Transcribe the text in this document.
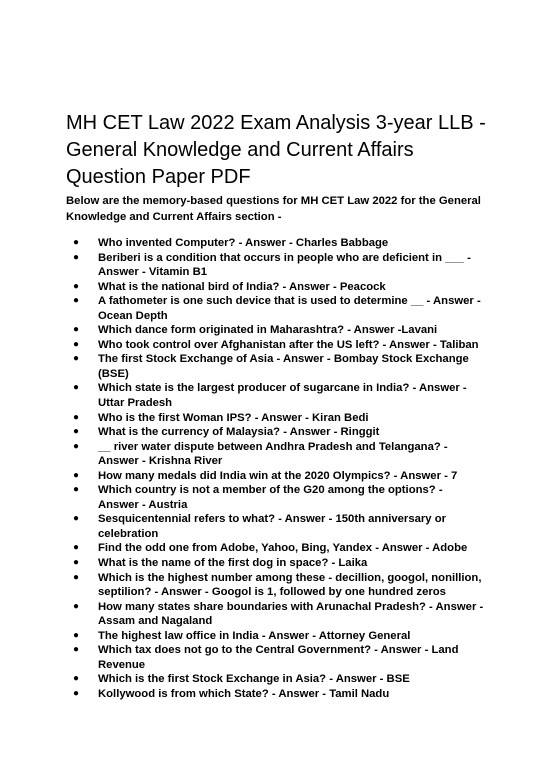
MH CET Law 2022 Exam Analysis 3-year LLB - General Knowledge and Current Affairs Question Paper PDF

Below are the memory-based questions for MH CET Law 2022 for the General Knowledge and Current Affairs section -

● Who invented Computer? - Answer - Charles Babbage
● Beriberi is a condition that occurs in people who are deficient in ___ - Answer - Vitamin B1
● What is the national bird of India? - Answer - Peacock
● A fathometer is one such device that is used to determine __ - Answer - Ocean Depth
● Which dance form originated in Maharashtra? - Answer -Lavani
● Who took control over Afghanistan after the US left? - Answer - Taliban
● The first Stock Exchange of Asia - Answer - Bombay Stock Exchange (BSE)
● Which state is the largest producer of sugarcane in India? - Answer - Uttar Pradesh
● Who is the first Woman IPS? - Answer - Kiran Bedi
● What is the currency of Malaysia? - Answer - Ringgit
● __ river water dispute between Andhra Pradesh and Telangana? - Answer - Krishna River
● How many medals did India win at the 2020 Olympics? - Answer - 7
● Which country is not a member of the G20 among the options? - Answer - Austria
● Sesquicentennial refers to what? - Answer - 150th anniversary or celebration
● Find the odd one from Adobe, Yahoo, Bing, Yandex - Answer - Adobe
● What is the name of the first dog in space? - Laika
● Which is the highest number among these - decillion, googol, nonillion, septilion? - Answer - Googol is 1, followed by one hundred zeros
● How many states share boundaries with Arunachal Pradesh? - Answer - Assam and Nagaland
● The highest law office in India - Answer - Attorney General
● Which tax does not go to the Central Government? - Answer - Land Revenue
● Which is the first Stock Exchange in Asia? - Answer - BSE
● Kollywood is from which State? - Answer - Tamil Nadu
